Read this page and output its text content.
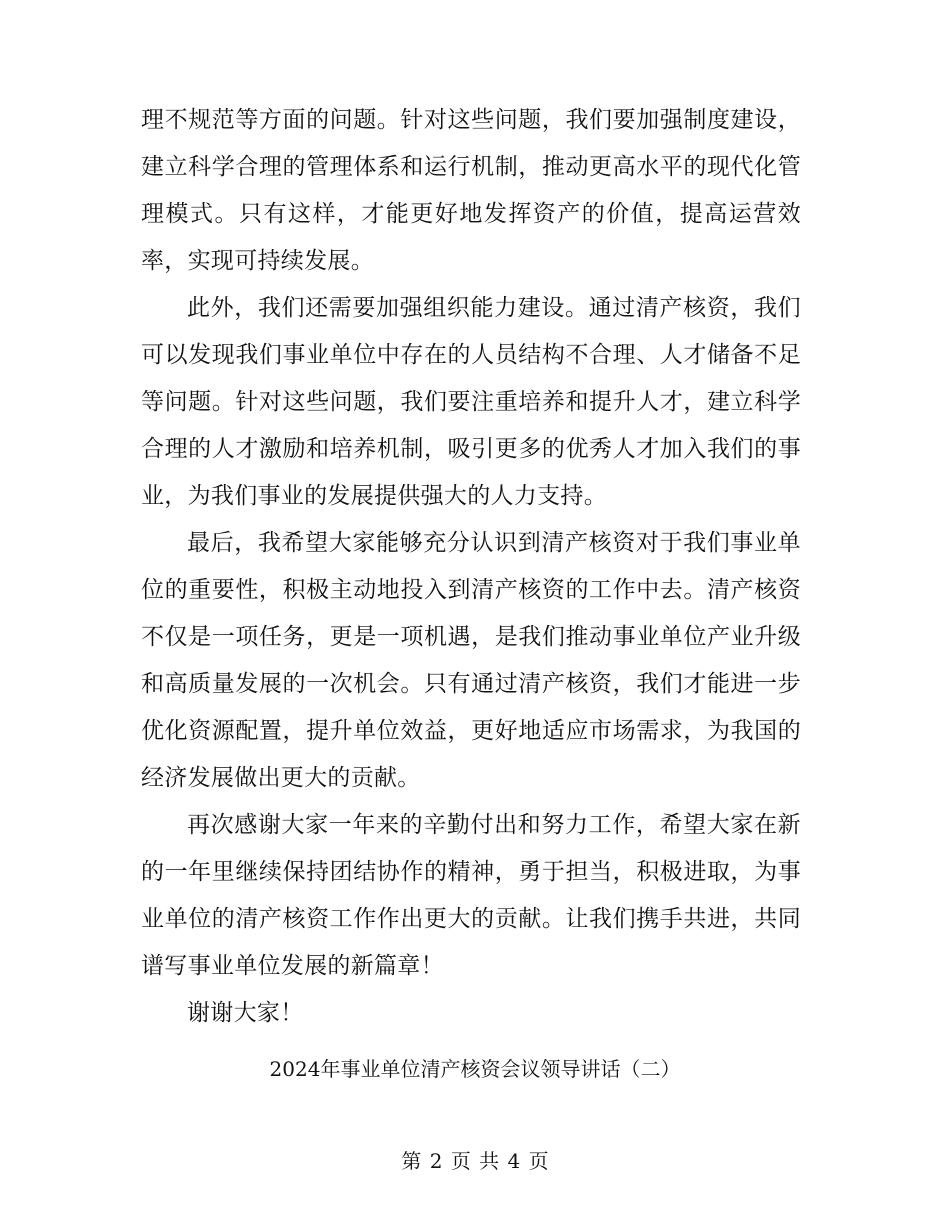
理不规范等方面的问题。针对这些问题，我们要加强制度建设，建立科学合理的管理体系和运行机制，推动更高水平的现代化管理模式。只有这样，才能更好地发挥资产的价值，提高运营效率，实现可持续发展。

此外，我们还需要加强组织能力建设。通过清产核资，我们可以发现我们事业单位中存在的人员结构不合理、人才储备不足等问题。针对这些问题，我们要注重培养和提升人才，建立科学合理的人才激励和培养机制，吸引更多的优秀人才加入我们的事业，为我们事业的发展提供强大的人力支持。

最后，我希望大家能够充分认识到清产核资对于我们事业单位的重要性，积极主动地投入到清产核资的工作中去。清产核资不仅是一项任务，更是一项机遇，是我们推动事业单位产业升级和高质量发展的一次机会。只有通过清产核资，我们才能进一步优化资源配置，提升单位效益，更好地适应市场需求，为我国的经济发展做出更大的贡献。

再次感谢大家一年来的辛勤付出和努力工作，希望大家在新的一年里继续保持团结协作的精神，勇于担当，积极进取，为事业单位的清产核资工作作出更大的贡献。让我们携手共进，共同谱写事业单位发展的新篇章！

谢谢大家！

2024年事业单位清产核资会议领导讲话（二）
第 2 页 共 4 页
